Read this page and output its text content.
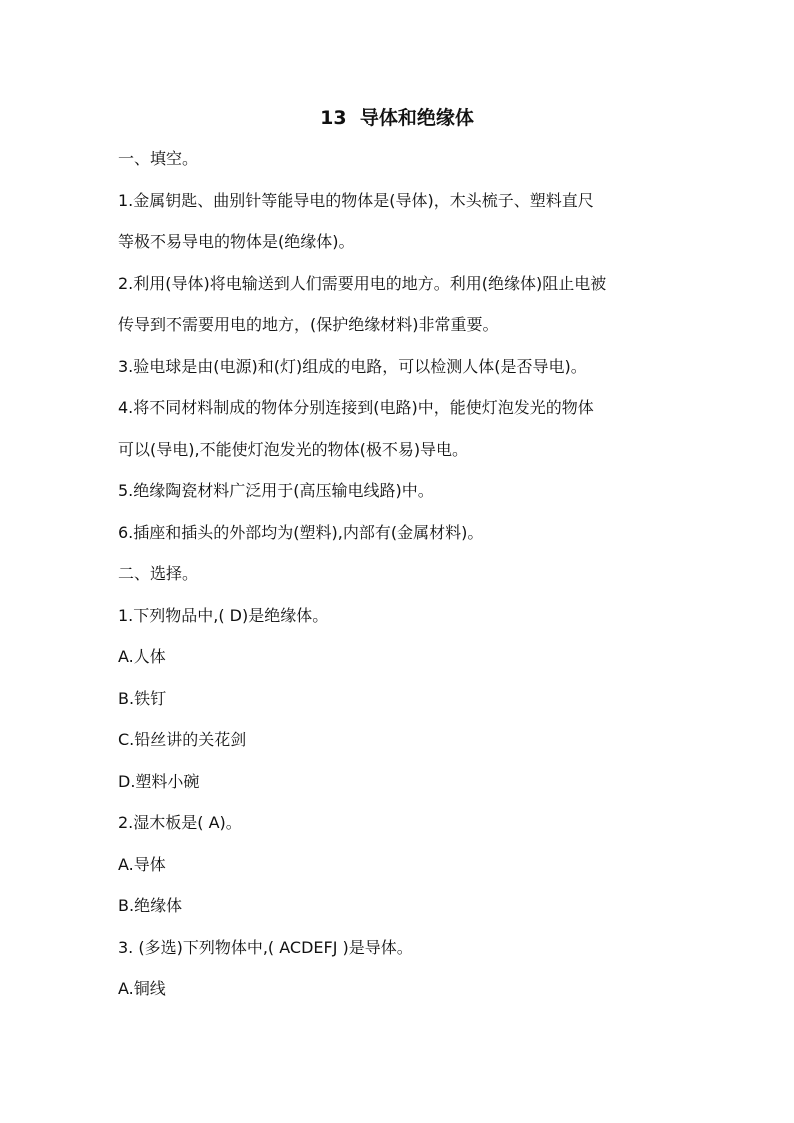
13  导体和绝缘体
一、填空。
1.金属钥匙、曲别针等能导电的物体是(导体)，木头梳子、塑料直尺
等极不易导电的物体是(绝缘体)。
2.利用(导体)将电输送到人们需要用电的地方。利用(绝缘体)阻止电被
传导到不需要用电的地方，(保护绝缘材料)非常重要。
3.验电球是由(电源)和(灯)组成的电路，可以检测人体(是否导电)。
4.将不同材料制成的物体分别连接到(电路)中，能使灯泡发光的物体
可以(导电),不能使灯泡发光的物体(极不易)导电。
5.绝缘陶瓷材料广泛用于(高压输电线路)中。
6.插座和插头的外部均为(塑料),内部有(金属材料)。
二、选择。
1.下列物品中,( D)是绝缘体。
A.人体
B.铁钉
C.铅丝讲的关花剑
D.塑料小碗
2.湿木板是( A)。
A.导体
B.绝缘体
3. (多选)下列物体中,( ACDEFJ )是导体。
A.铜线
